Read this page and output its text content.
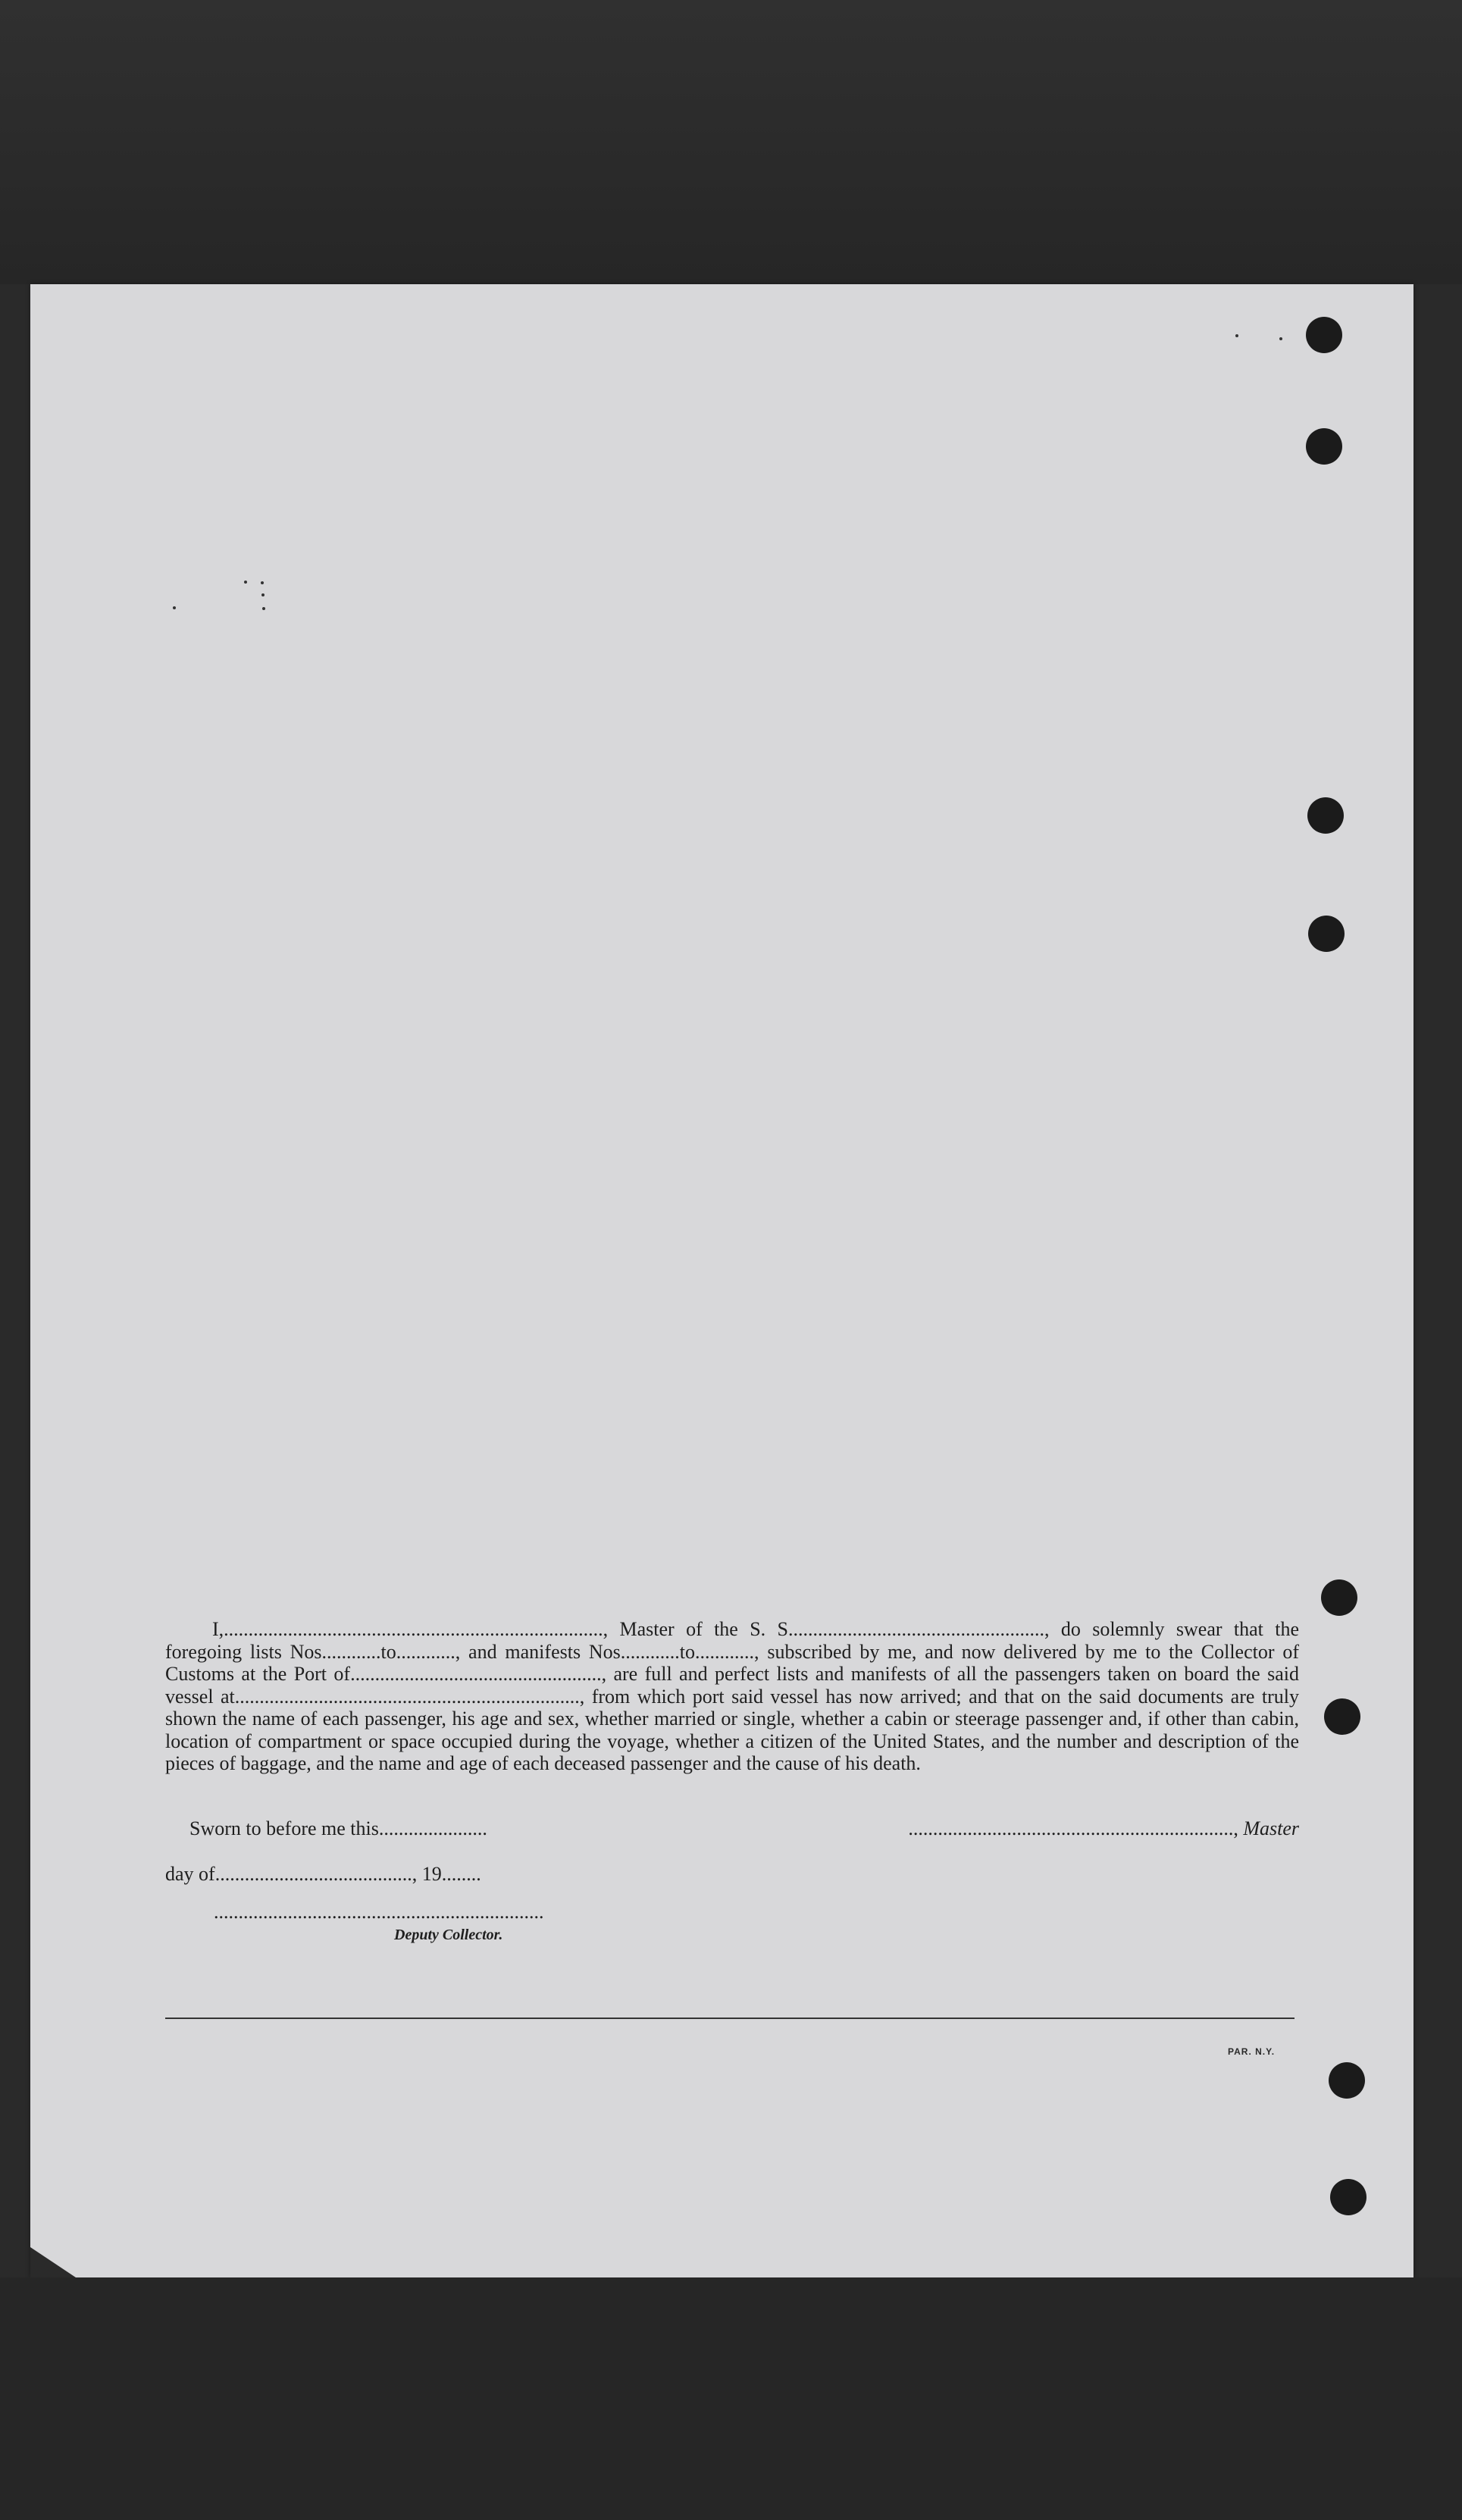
I,............................................................................., Master of the S. S...................................................., do solemnly swear that the foregoing lists Nos............to............, and manifests Nos............to............, subscribed by me, and now delivered by me to the Collector of Customs at the Port of..................................................., are full and perfect lists and manifests of all the passengers taken on board the said vessel at......................................................................, from which port said vessel has now arrived; and that on the said documents are truly shown the name of each passenger, his age and sex, whether married or single, whether a cabin or steerage passenger and, if other than cabin, location of compartment or space occupied during the voyage, whether a citizen of the United States, and the number and description of the pieces of baggage, and the name and age of each deceased passenger and the cause of his death.

Sworn to before me this......................	.................................................................., Master
day of........................................, 19........
...................................................................
Deputy Collector.
PAR. N.Y.
